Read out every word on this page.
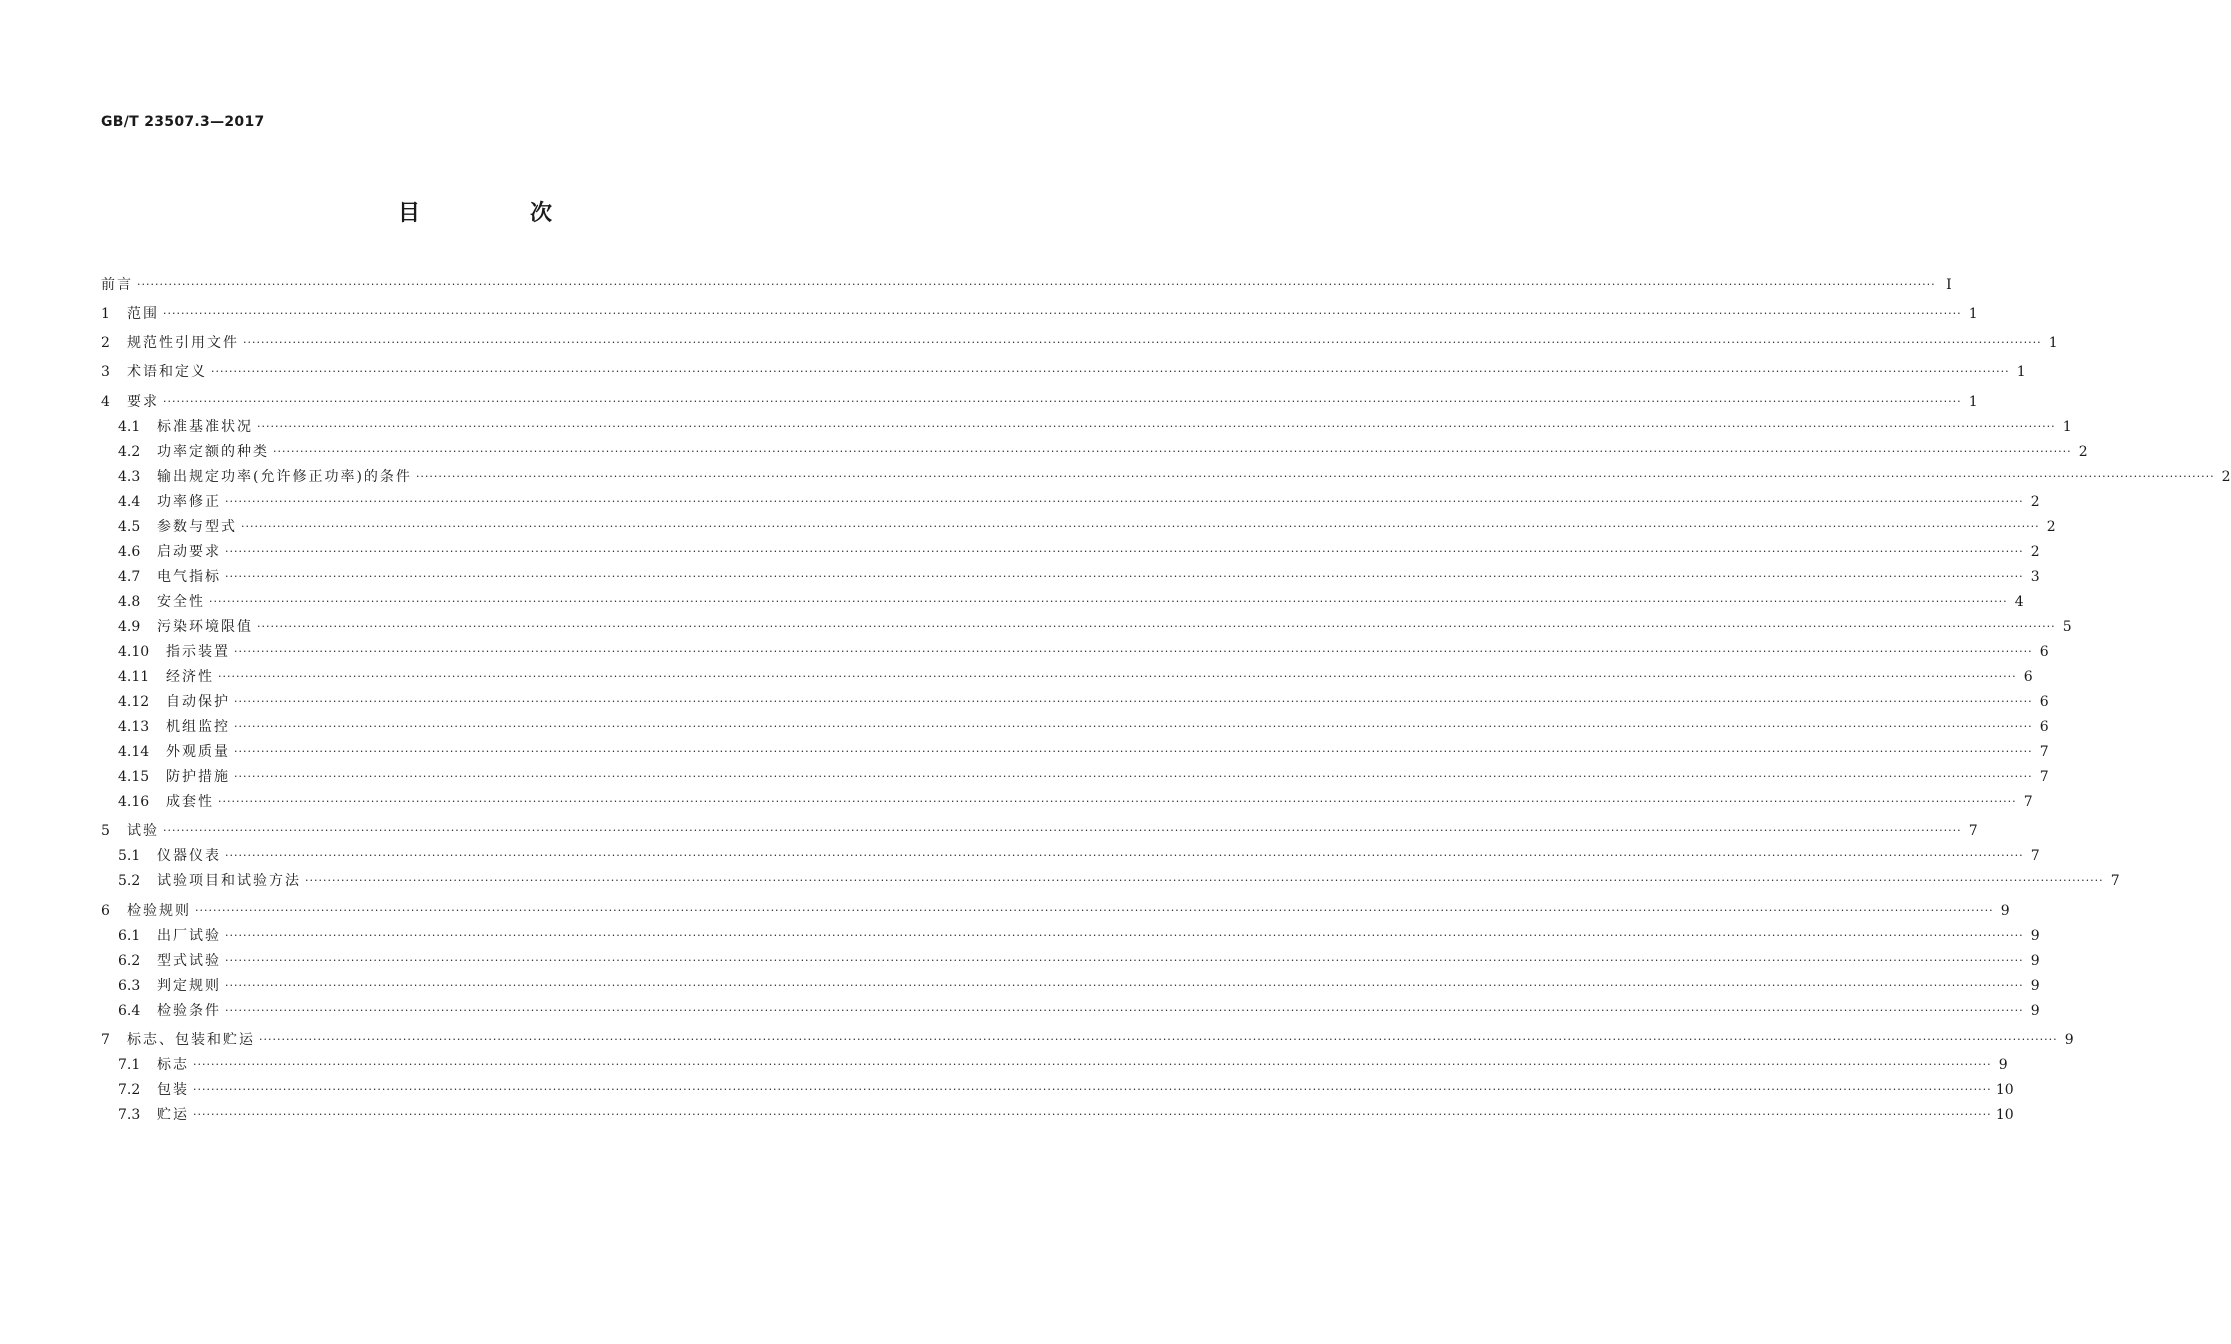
GB/T 23507.3—2017
目　次
前言 ················································································································································································································································································································································································································ Ⅰ
1	范围 ················································································································································································································································································································································································································ 1
2	规范性引用文件 ················································································································································································································································································································································································································ 1
3	术语和定义 ················································································································································································································································································································································································································ 1
4	要求 ················································································································································································································································································································································································································ 1
4.1	标准基准状况 ················································································································································································································································································································································································································ 1
4.2	功率定额的种类 ················································································································································································································································································································································································································ 2
4.3	输出规定功率(允许修正功率)的条件 ················································································································································································································································································································································································································ 2
4.4	功率修正 ················································································································································································································································································································································································································ 2
4.5	参数与型式 ················································································································································································································································································································································································································ 2
4.6	启动要求 ················································································································································································································································································································································································································ 2
4.7	电气指标 ················································································································································································································································································································································································································ 3
4.8	安全性 ················································································································································································································································································································································································································ 4
4.9	污染环境限值 ················································································································································································································································································································································································································ 5
4.10	指示装置 ················································································································································································································································································································································································································ 6
4.11	经济性 ················································································································································································································································································································································································································ 6
4.12	自动保护 ················································································································································································································································································································································································································ 6
4.13	机组监控 ················································································································································································································································································································································································································ 6
4.14	外观质量 ················································································································································································································································································································································································································ 7
4.15	防护措施 ················································································································································································································································································································································································································ 7
4.16	成套性 ················································································································································································································································································································································································································ 7
5	试验 ················································································································································································································································································································································································································ 7
5.1	仪器仪表 ················································································································································································································································································································································································································ 7
5.2	试验项目和试验方法 ················································································································································································································································································································································································································ 7
6	检验规则 ················································································································································································································································································································································································································ 9
6.1	出厂试验 ················································································································································································································································································································································································································ 9
6.2	型式试验 ················································································································································································································································································································································································································ 9
6.3	判定规则 ················································································································································································································································································································································································································ 9
6.4	检验条件 ················································································································································································································································································································································································································ 9
7	标志、包装和贮运 ················································································································································································································································································································································································································ 9
7.1	标志 ················································································································································································································································································································································································································ 9
7.2	包装 ················································································································································································································································································································································································································ 10
7.3	贮运 ················································································································································································································································································································································································································ 10
